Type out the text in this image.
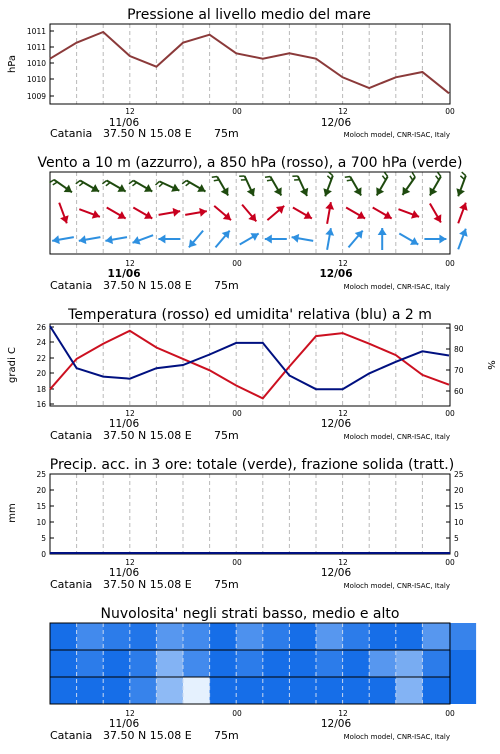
Pressione al livello medio del mare
hPa
1009
1010
1010
1011
1011
12	00	12	00
11/06	12/06
Catania 37.50 N 15.08 E 75m	Moloch model, CNR-ISAC, Italy
Vento a 10 m (azzurro), a 850 hPa (rosso), a 700 hPa (verde)
12	00	12	00
11/06	12/06
Catania 37.50 N 15.08 E 75m	Moloch model, CNR-ISAC, Italy
Temperatura (rosso) ed umidita' relativa (blu) a 2 m
gradi C	%
16
18
20
22
24
26
60
70
80
90
12	00	12	00
11/06	12/06
Catania 37.50 N 15.08 E 75m	Moloch model, CNR-ISAC, Italy
Precip. acc. in 3 ore: totale (verde), frazione solida (tratt.)
mm
0
5
10
15
20
25
0
5
10
15
20
25
12	00	12	00
11/06	12/06
Catania 37.50 N 15.08 E 75m	Moloch model, CNR-ISAC, Italy
Nuvolosita' negli strati basso, medio e alto
12	00	12	00
11/06	12/06
Catania 37.50 N 15.08 E 75m	Moloch model, CNR-ISAC, Italy
